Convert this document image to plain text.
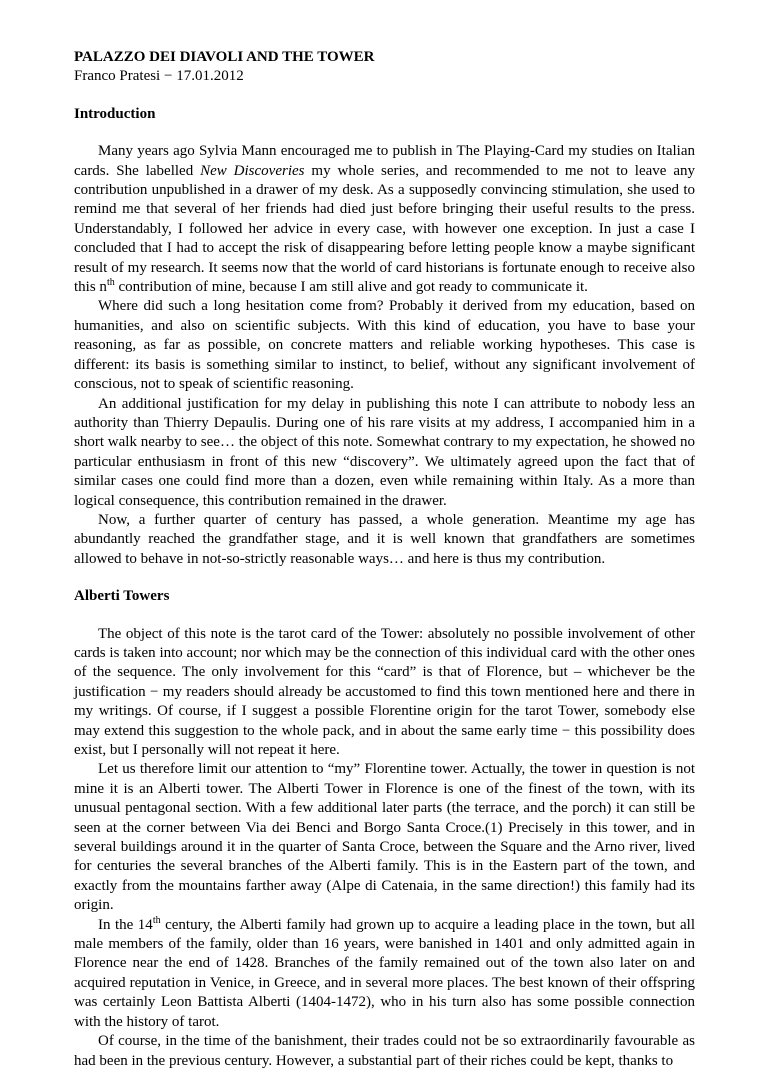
PALAZZO DEI DIAVOLI AND THE TOWER

Franco Pratesi − 17.01.2012

Introduction

Many years ago Sylvia Mann encouraged me to publish in The Playing-Card my studies on Italian cards. She labelled New Discoveries my whole series, and recommended to me not to leave any contribution unpublished in a drawer of my desk. As a supposedly convincing stimulation, she used to remind me that several of her friends had died just before bringing their useful results to the press. Understandably, I followed her advice in every case, with however one exception. In just a case I concluded that I had to accept the risk of disappearing before letting people know a maybe significant result of my research. It seems now that the world of card historians is fortunate enough to receive also this $n^{th}$ contribution of mine, because I am still alive and got ready to communicate it.

Where did such a long hesitation come from? Probably it derived from my education, based on humanities, and also on scientific subjects. With this kind of education, you have to base your reasoning, as far as possible, on concrete matters and reliable working hypotheses. This case is different: its basis is something similar to instinct, to belief, without any significant involvement of conscious, not to speak of scientific reasoning.

An additional justification for my delay in publishing this note I can attribute to nobody less an authority than Thierry Depaulis. During one of his rare visits at my address, I accompanied him in a short walk nearby to see… the object of this note. Somewhat contrary to my expectation, he showed no particular enthusiasm in front of this new “discovery”. We ultimately agreed upon the fact that of similar cases one could find more than a dozen, even while remaining within Italy. As a more than logical consequence, this contribution remained in the drawer.

Now, a further quarter of century has passed, a whole generation. Meantime my age has abundantly reached the grandfather stage, and it is well known that grandfathers are sometimes allowed to behave in not-so-strictly reasonable ways… and here is thus my contribution.

Alberti Towers

The object of this note is the tarot card of the Tower: absolutely no possible involvement of other cards is taken into account; nor which may be the connection of this individual card with the other ones of the sequence. The only involvement for this “card” is that of Florence, but – whichever be the justification − my readers should already be accustomed to find this town mentioned here and there in my writings. Of course, if I suggest a possible Florentine origin for the tarot Tower, somebody else may extend this suggestion to the whole pack, and in about the same early time − this possibility does exist, but I personally will not repeat it here.

Let us therefore limit our attention to “my” Florentine tower. Actually, the tower in question is not mine it is an Alberti tower. The Alberti Tower in Florence is one of the finest of the town, with its unusual pentagonal section. With a few additional later parts (the terrace, and the porch) it can still be seen at the corner between Via dei Benci and Borgo Santa Croce.(1) Precisely in this tower, and in several buildings around it in the quarter of Santa Croce, between the Square and the Arno river, lived for centuries the several branches of the Alberti family. This is in the Eastern part of the town, and exactly from the mountains farther away (Alpe di Catenaia, in the same direction!) this family had its origin.

In the 14th century, the Alberti family had grown up to acquire a leading place in the town, but all male members of the family, older than 16 years, were banished in 1401 and only admitted again in Florence near the end of 1428. Branches of the family remained out of the town also later on and acquired reputation in Venice, in Greece, and in several more places. The best known of their offspring was certainly Leon Battista Alberti (1404-1472), who in his turn also has some possible connection with the history of tarot.

Of course, in the time of the banishment, their trades could not be so extraordinarily favourable as had been in the previous century. However, a substantial part of their riches could be kept, thanks to
